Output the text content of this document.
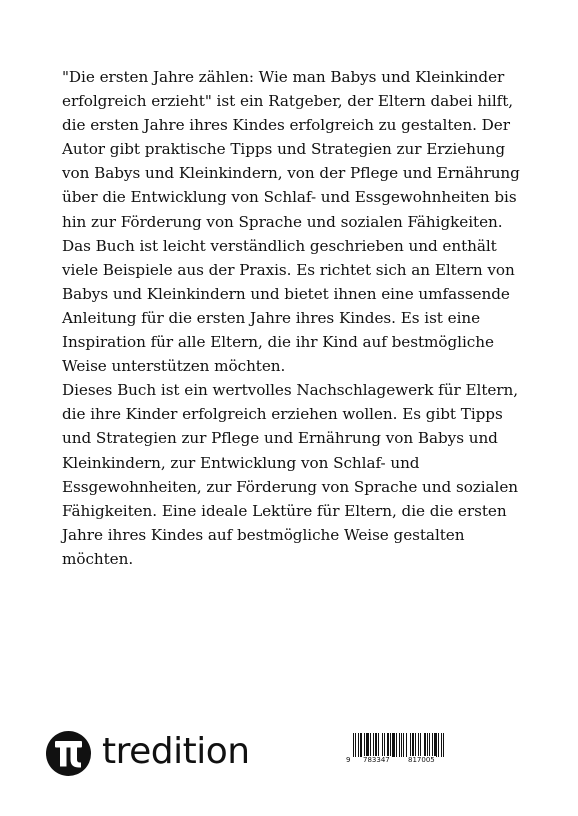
"Die ersten Jahre zählen: Wie man Babys und Kleinkinder
erfolgreich erzieht" ist ein Ratgeber, der Eltern dabei hilft,
die ersten Jahre ihres Kindes erfolgreich zu gestalten. Der
Autor gibt praktische Tipps und Strategien zur Erziehung
von Babys und Kleinkindern, von der Pflege und Ernährung
über die Entwicklung von Schlaf- und Essgewohnheiten bis
hin zur Förderung von Sprache und sozialen Fähigkeiten.
Das Buch ist leicht verständlich geschrieben und enthält
viele Beispiele aus der Praxis. Es richtet sich an Eltern von
Babys und Kleinkindern und bietet ihnen eine umfassende
Anleitung für die ersten Jahre ihres Kindes. Es ist eine
Inspiration für alle Eltern, die ihr Kind auf bestmögliche
Weise unterstützen möchten.

Dieses Buch ist ein wertvolles Nachschlagewerk für Eltern,
die ihre Kinder erfolgreich erziehen wollen. Es gibt Tipps
und Strategien zur Pflege und Ernährung von Babys und
Kleinkindern, zur Entwicklung von Schlaf- und
Essgewohnheiten, zur Förderung von Sprache und sozialen
Fähigkeiten. Eine ideale Lektüre für Eltern, die die ersten
Jahre ihres Kindes auf bestmögliche Weise gestalten
möchten.

tredition	9 783347	817005
